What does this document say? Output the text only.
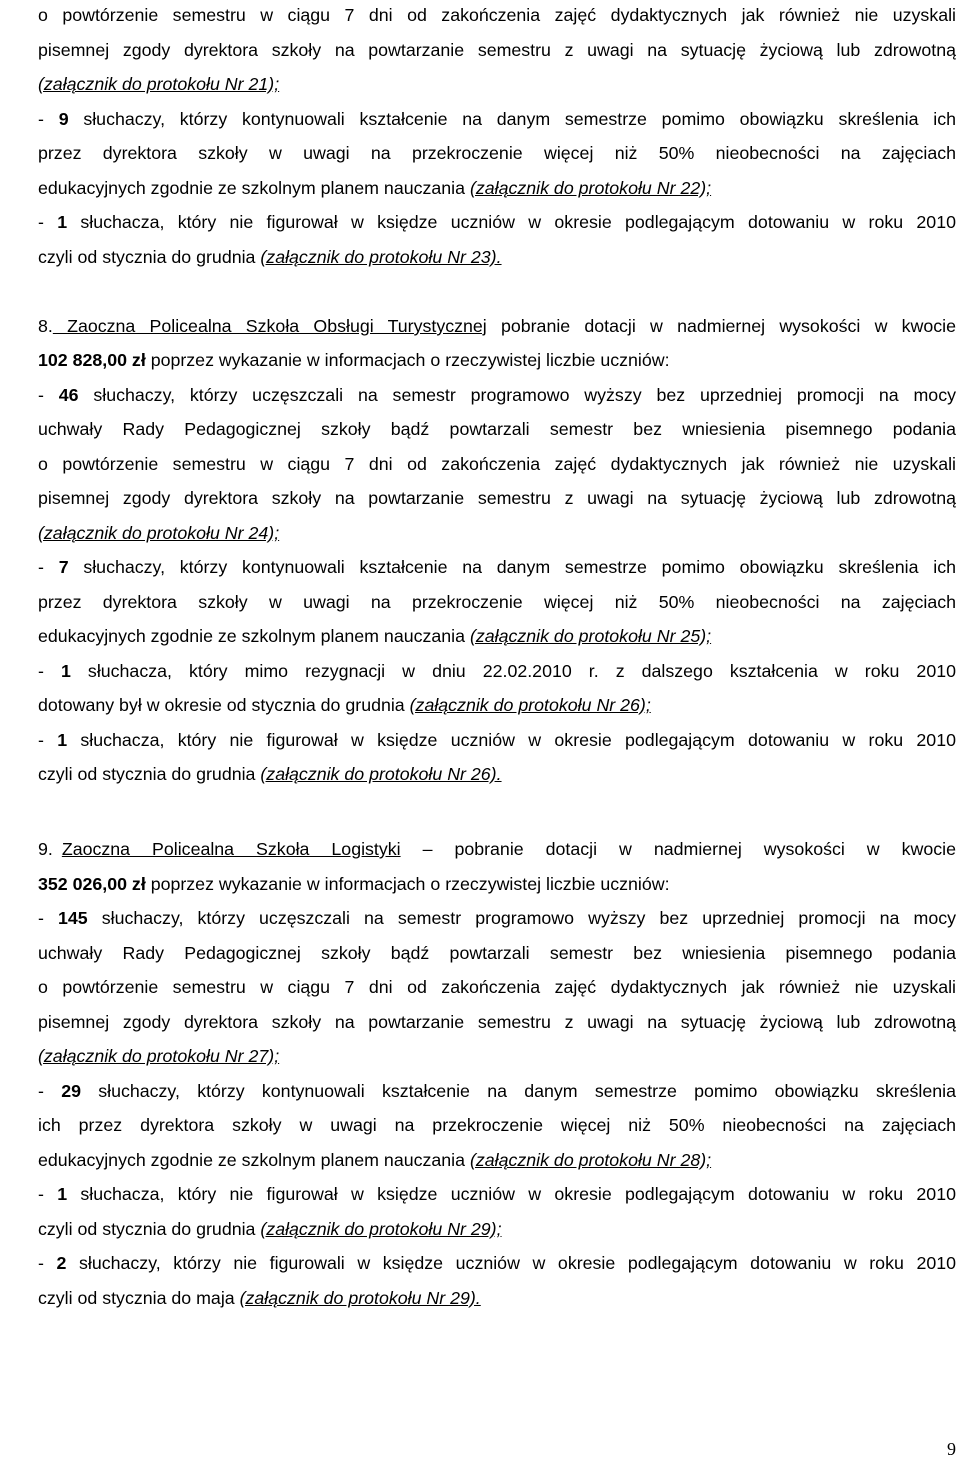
o powtórzenie semestru w ciągu 7 dni od zakończenia zajęć dydaktycznych jak również nie uzyskali
pisemnej zgody dyrektora szkoły na powtarzanie semestru z uwagi na sytuację życiową lub zdrowotną
(załącznik do protokołu Nr 21);
- 9 słuchaczy, którzy kontynuowali kształcenie na danym semestrze pomimo obowiązku skreślenia ich
przez dyrektora szkoły w uwagi na przekroczenie więcej niż 50% nieobecności na zajęciach
edukacyjnych zgodnie ze szkolnym planem nauczania (załącznik do protokołu Nr 22);
- 1 słuchacza, który nie figurował w księdze uczniów w okresie podlegającym dotowaniu w roku 2010
czyli od stycznia do grudnia (załącznik do protokołu Nr 23).
8. Zaoczna Policealna Szkoła Obsługi Turystycznej pobranie dotacji w nadmiernej wysokości w kwocie
102 828,00 zł poprzez wykazanie w informacjach o rzeczywistej liczbie uczniów:
- 46 słuchaczy, którzy uczęszczali na semestr programowo wyższy bez uprzedniej promocji na mocy
uchwały Rady Pedagogicznej szkoły bądź powtarzali semestr bez wniesienia pisemnego podania
o powtórzenie semestru w ciągu 7 dni od zakończenia zajęć dydaktycznych jak również nie uzyskali
pisemnej zgody dyrektora szkoły na powtarzanie semestru z uwagi na sytuację życiową lub zdrowotną
(załącznik do protokołu Nr 24);
- 7 słuchaczy, którzy kontynuowali kształcenie na danym semestrze pomimo obowiązku skreślenia ich
przez dyrektora szkoły w uwagi na przekroczenie więcej niż 50% nieobecności na zajęciach
edukacyjnych zgodnie ze szkolnym planem nauczania (załącznik do protokołu Nr 25);
- 1 słuchacza, który mimo rezygnacji w dniu 22.02.2010 r. z dalszego kształcenia w roku 2010
dotowany był w okresie od stycznia do grudnia (załącznik do protokołu Nr 26);
- 1 słuchacza, który nie figurował w księdze uczniów w okresie podlegającym dotowaniu w roku 2010
czyli od stycznia do grudnia (załącznik do protokołu Nr 26).
9. Zaoczna Policealna Szkoła Logistyki – pobranie dotacji w nadmiernej wysokości w kwocie
352 026,00 zł poprzez wykazanie w informacjach o rzeczywistej liczbie uczniów:
- 145 słuchaczy, którzy uczęszczali na semestr programowo wyższy bez uprzedniej promocji na mocy
uchwały Rady Pedagogicznej szkoły bądź powtarzali semestr bez wniesienia pisemnego podania
o powtórzenie semestru w ciągu 7 dni od zakończenia zajęć dydaktycznych jak również nie uzyskali
pisemnej zgody dyrektora szkoły na powtarzanie semestru z uwagi na sytuację życiową lub zdrowotną
(załącznik do protokołu Nr 27);
- 29 słuchaczy, którzy kontynuowali kształcenie na danym semestrze pomimo obowiązku skreślenia
ich przez dyrektora szkoły w uwagi na przekroczenie więcej niż 50% nieobecności na zajęciach
edukacyjnych zgodnie ze szkolnym planem nauczania (załącznik do protokołu Nr 28);
- 1 słuchacza, który nie figurował w księdze uczniów w okresie podlegającym dotowaniu w roku 2010
czyli od stycznia do grudnia (załącznik do protokołu Nr 29);
- 2 słuchaczy, którzy nie figurowali w księdze uczniów w okresie podlegającym dotowaniu w roku 2010
czyli od stycznia do maja (załącznik do protokołu Nr 29).
9
